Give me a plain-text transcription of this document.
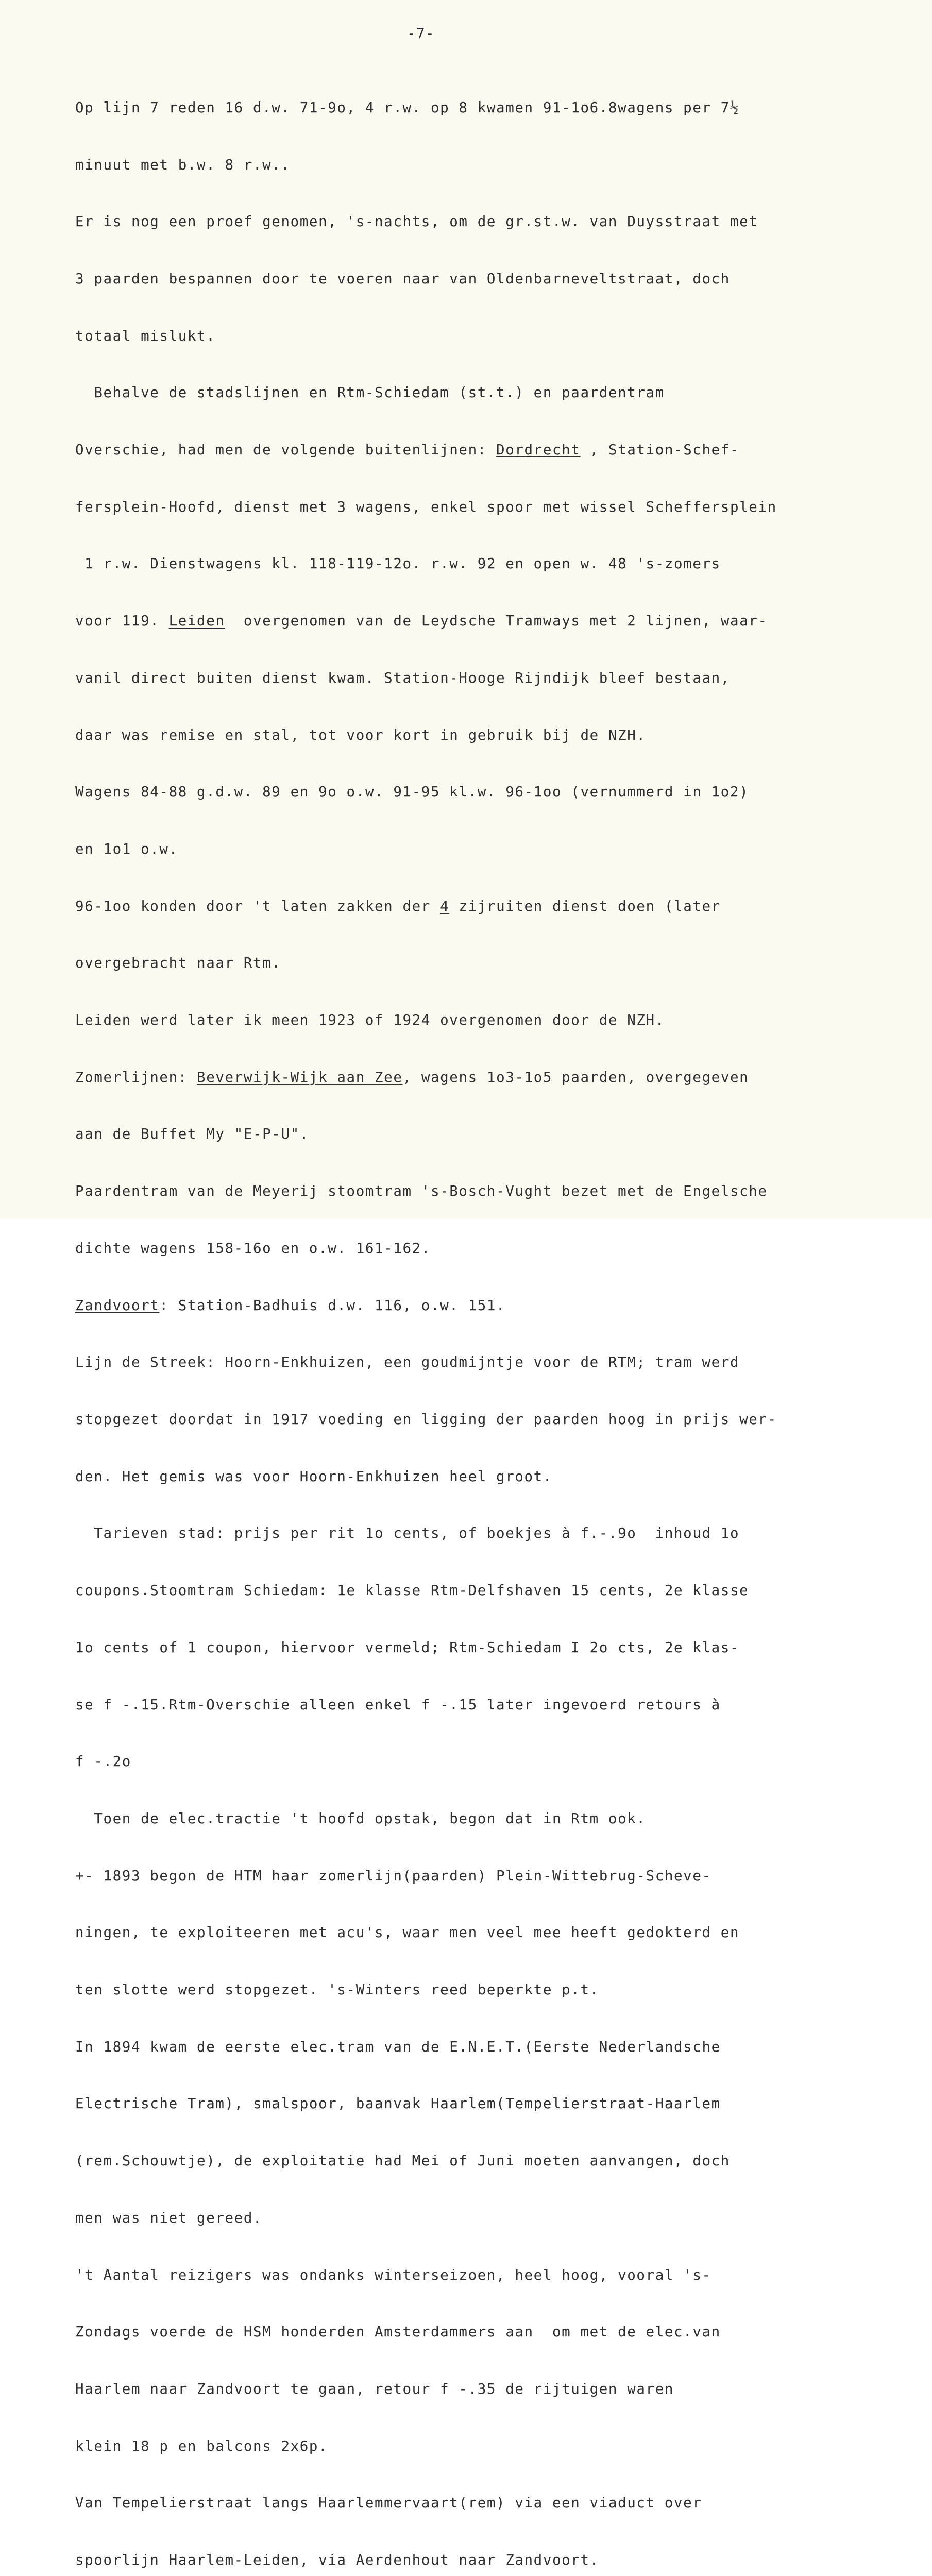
-7-

Op lijn 7 reden 16 d.w. 71-9o, 4 r.w. op 8 kwamen 91-1o6.8wagens per 7½

minuut met b.w. 8 r.w..

Er is nog een proef genomen, 's-nachts, om de gr.st.w. van Duysstraat met

3 paarden bespannen door te voeren naar van Oldenbarneveltstraat, doch

totaal mislukt.

Behalve de stadslijnen en Rtm-Schiedam (st.t.) en paardentram

Overschie, had men de volgende buitenlijnen: Dordrecht , Station-Schef-

fersplein-Hoofd, dienst met 3 wagens, enkel spoor met wissel Scheffersplein

1 r.w. Dienstwagens kl. 118-119-12o. r.w. 92 en open w. 48 's-zomers

voor 119. Leiden  overgenomen van de Leydsche Tramways met 2 lijnen, waar-

vanil direct buiten dienst kwam. Station-Hooge Rijndijk bleef bestaan,

daar was remise en stal, tot voor kort in gebruik bij de NZH.

Wagens 84-88 g.d.w. 89 en 9o o.w. 91-95 kl.w. 96-1oo (vernummerd in 1o2)

en 1o1 o.w.

96-1oo konden door 't laten zakken der 4 zijruiten dienst doen (later

overgebracht naar Rtm.

Leiden werd later ik meen 1923 of 1924 overgenomen door de NZH.

Zomerlijnen: Beverwijk-Wijk aan Zee, wagens 1o3-1o5 paarden, overgegeven

aan de Buffet My "E-P-U".

Paardentram van de Meyerij stoomtram 's-Bosch-Vught bezet met de Engelsche

dichte wagens 158-16o en o.w. 161-162.

Zandvoort: Station-Badhuis d.w. 116, o.w. 151.

Lijn de Streek: Hoorn-Enkhuizen, een goudmijntje voor de RTM; tram werd

stopgezet doordat in 1917 voeding en ligging der paarden hoog in prijs wer-

den. Het gemis was voor Hoorn-Enkhuizen heel groot.

Tarieven stad: prijs per rit 1o cents, of boekjes à f.-.9o  inhoud 1o

coupons.Stoomtram Schiedam: 1e klasse Rtm-Delfshaven 15 cents, 2e klasse

1o cents of 1 coupon, hiervoor vermeld; Rtm-Schiedam I 2o cts, 2e klas-

se f -.15.Rtm-Overschie alleen enkel f -.15 later ingevoerd retours à

f -.2o

Toen de elec.tractie 't hoofd opstak, begon dat in Rtm ook.

+- 1893 begon de HTM haar zomerlijn(paarden) Plein-Wittebrug-Scheve-

ningen, te exploiteeren met acu's, waar men veel mee heeft gedokterd en

ten slotte werd stopgezet. 's-Winters reed beperkte p.t.

In 1894 kwam de eerste elec.tram van de E.N.E.T.(Eerste Nederlandsche

Electrische Tram), smalspoor, baanvak Haarlem(Tempelierstraat-Haarlem

(rem.Schouwtje), de exploitatie had Mei of Juni moeten aanvangen, doch

men was niet gereed.

't Aantal reizigers was ondanks winterseizoen, heel hoog, vooral 's-

Zondags voerde de HSM honderden Amsterdammers aan  om met de elec.van

Haarlem naar Zandvoort te gaan, retour f -.35 de rijtuigen waren

klein 18 p en balcons 2x6p.

Van Tempelierstraat langs Haarlemmervaart(rem) via een viaduct over

spoorlijn Haarlem-Leiden, via Aerdenhout naar Zandvoort.
